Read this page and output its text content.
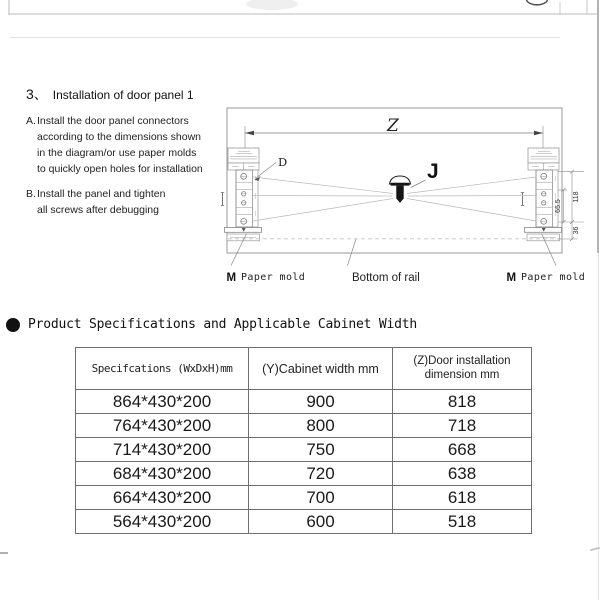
Z
D	J
65.5
118
36
M Paper mold	Bottom of rail	M Paper mold
3、 Installation of door panel 1
A. Install the door panel connectors
according to the dimensions shown
in the diagram/or use paper molds
to quickly open holes for installation
B. Install the panel and tighten
all screws after debugging
Product Specifications and Applicable Cabinet Width
Specifcations (WxDxH)mm	(Y)Cabinet width mm	(Z)Door installation
dimension mm

864*430*200	900	818
764*430*200	800	718
714*430*200	750	668
684*430*200	720	638
664*430*200	700	618
564*430*200	600	518
